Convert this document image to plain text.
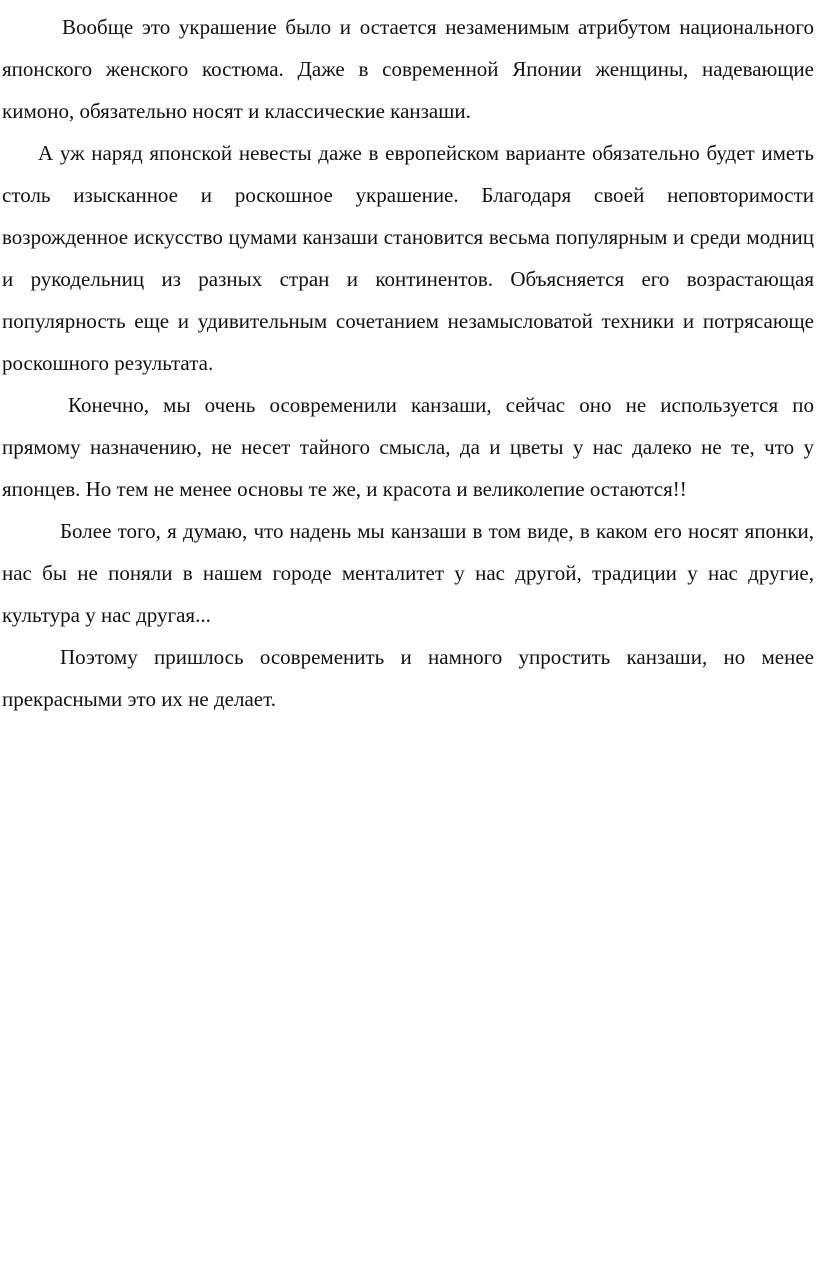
Вообще это украшение было и остается незаменимым атрибутом национального японского женского костюма. Даже в современной Японии женщины, надевающие кимоно, обязательно носят и классические канзаши.

А уж наряд японской невесты даже в европейском варианте обязательно будет иметь столь изысканное и роскошное украшение. Благодаря своей неповторимости возрожденное искусство цумами канзаши становится весьма популярным и среди модниц и рукодельниц из разных стран и континентов. Объясняется его возрастающая популярность еще и удивительным сочетанием незамысловатой техники и потрясающе роскошного результата.

Конечно, мы очень осовременили канзаши, сейчас оно не используется по прямому назначению, не несет тайного смысла, да и цветы у нас далеко не те, что у японцев. Но тем не менее основы те же, и красота и великолепие остаются!!

Более того, я думаю, что надень мы канзаши в том виде, в каком его носят японки, нас бы не поняли в нашем городе менталитет у нас другой, традиции у нас другие, культура у нас другая...

Поэтому пришлось осовременить и намного упростить канзаши, но менее прекрасными это их не делает.
